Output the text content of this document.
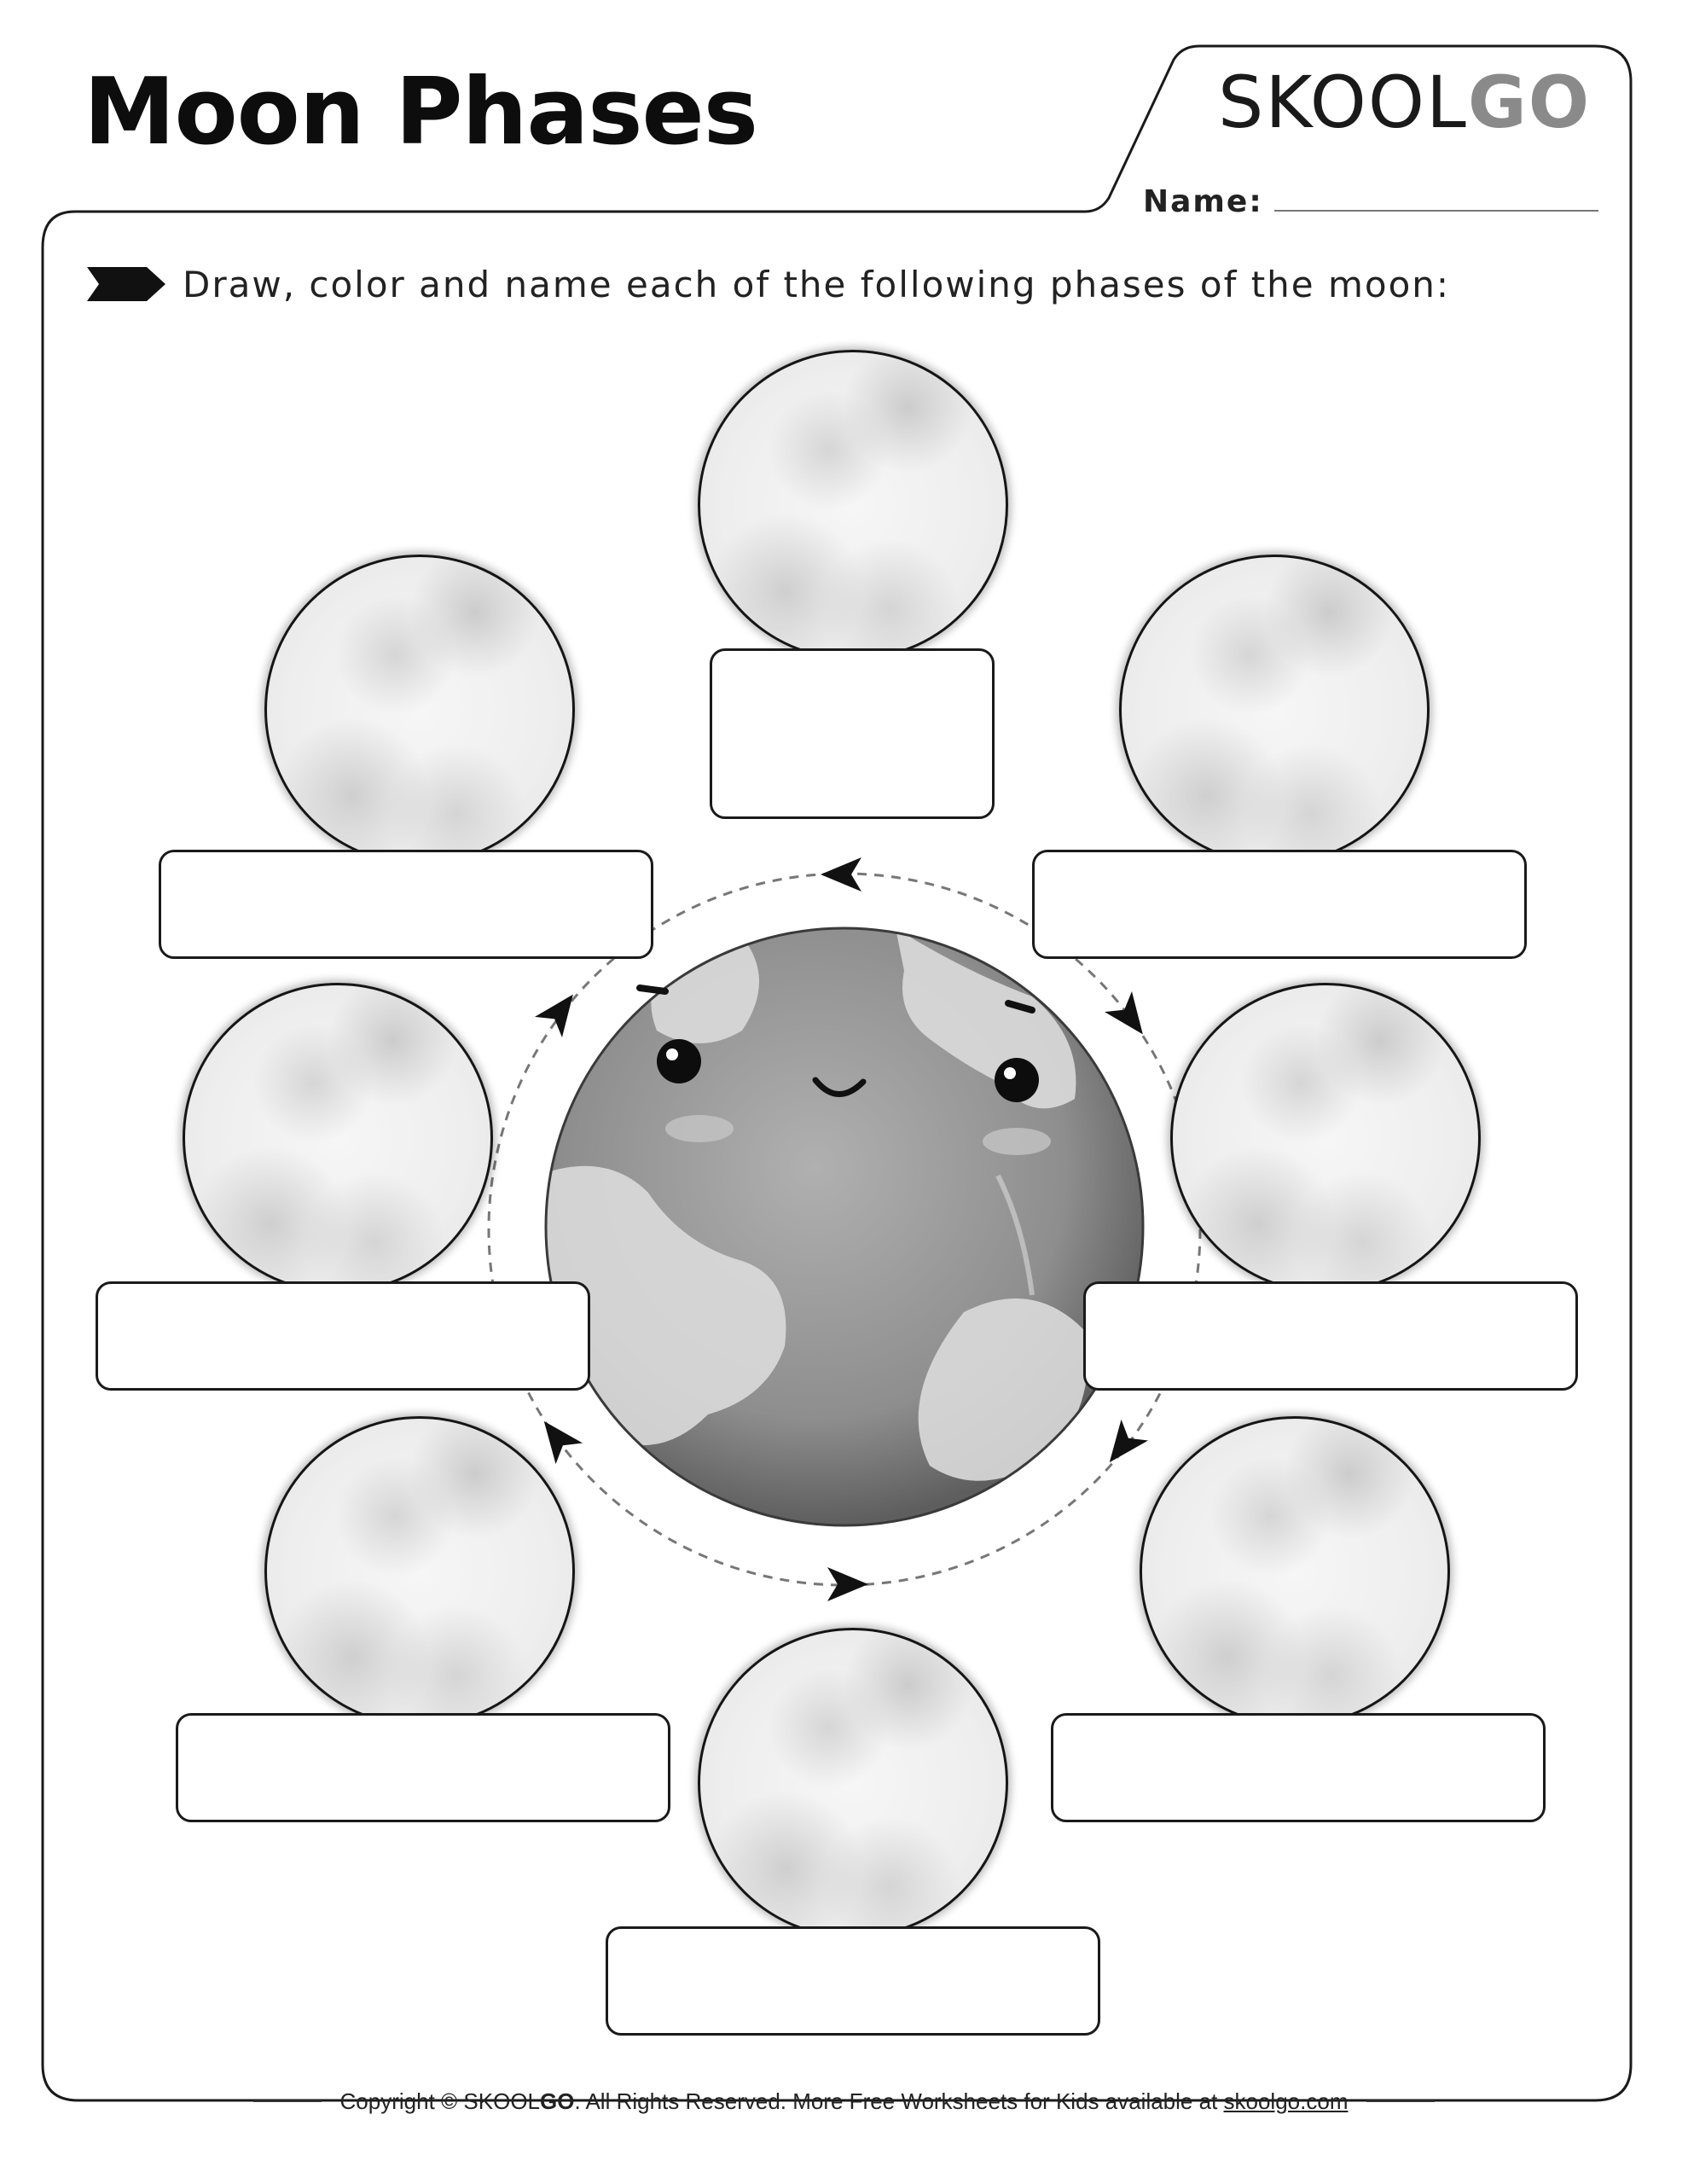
Moon Phases	SKOOLGO
Name:
Draw, color and name each of the following phases of the moon:
Copyright © SKOOLGO. All Rights Reserved. More Free Worksheets for Kids available at skoolgo.com
